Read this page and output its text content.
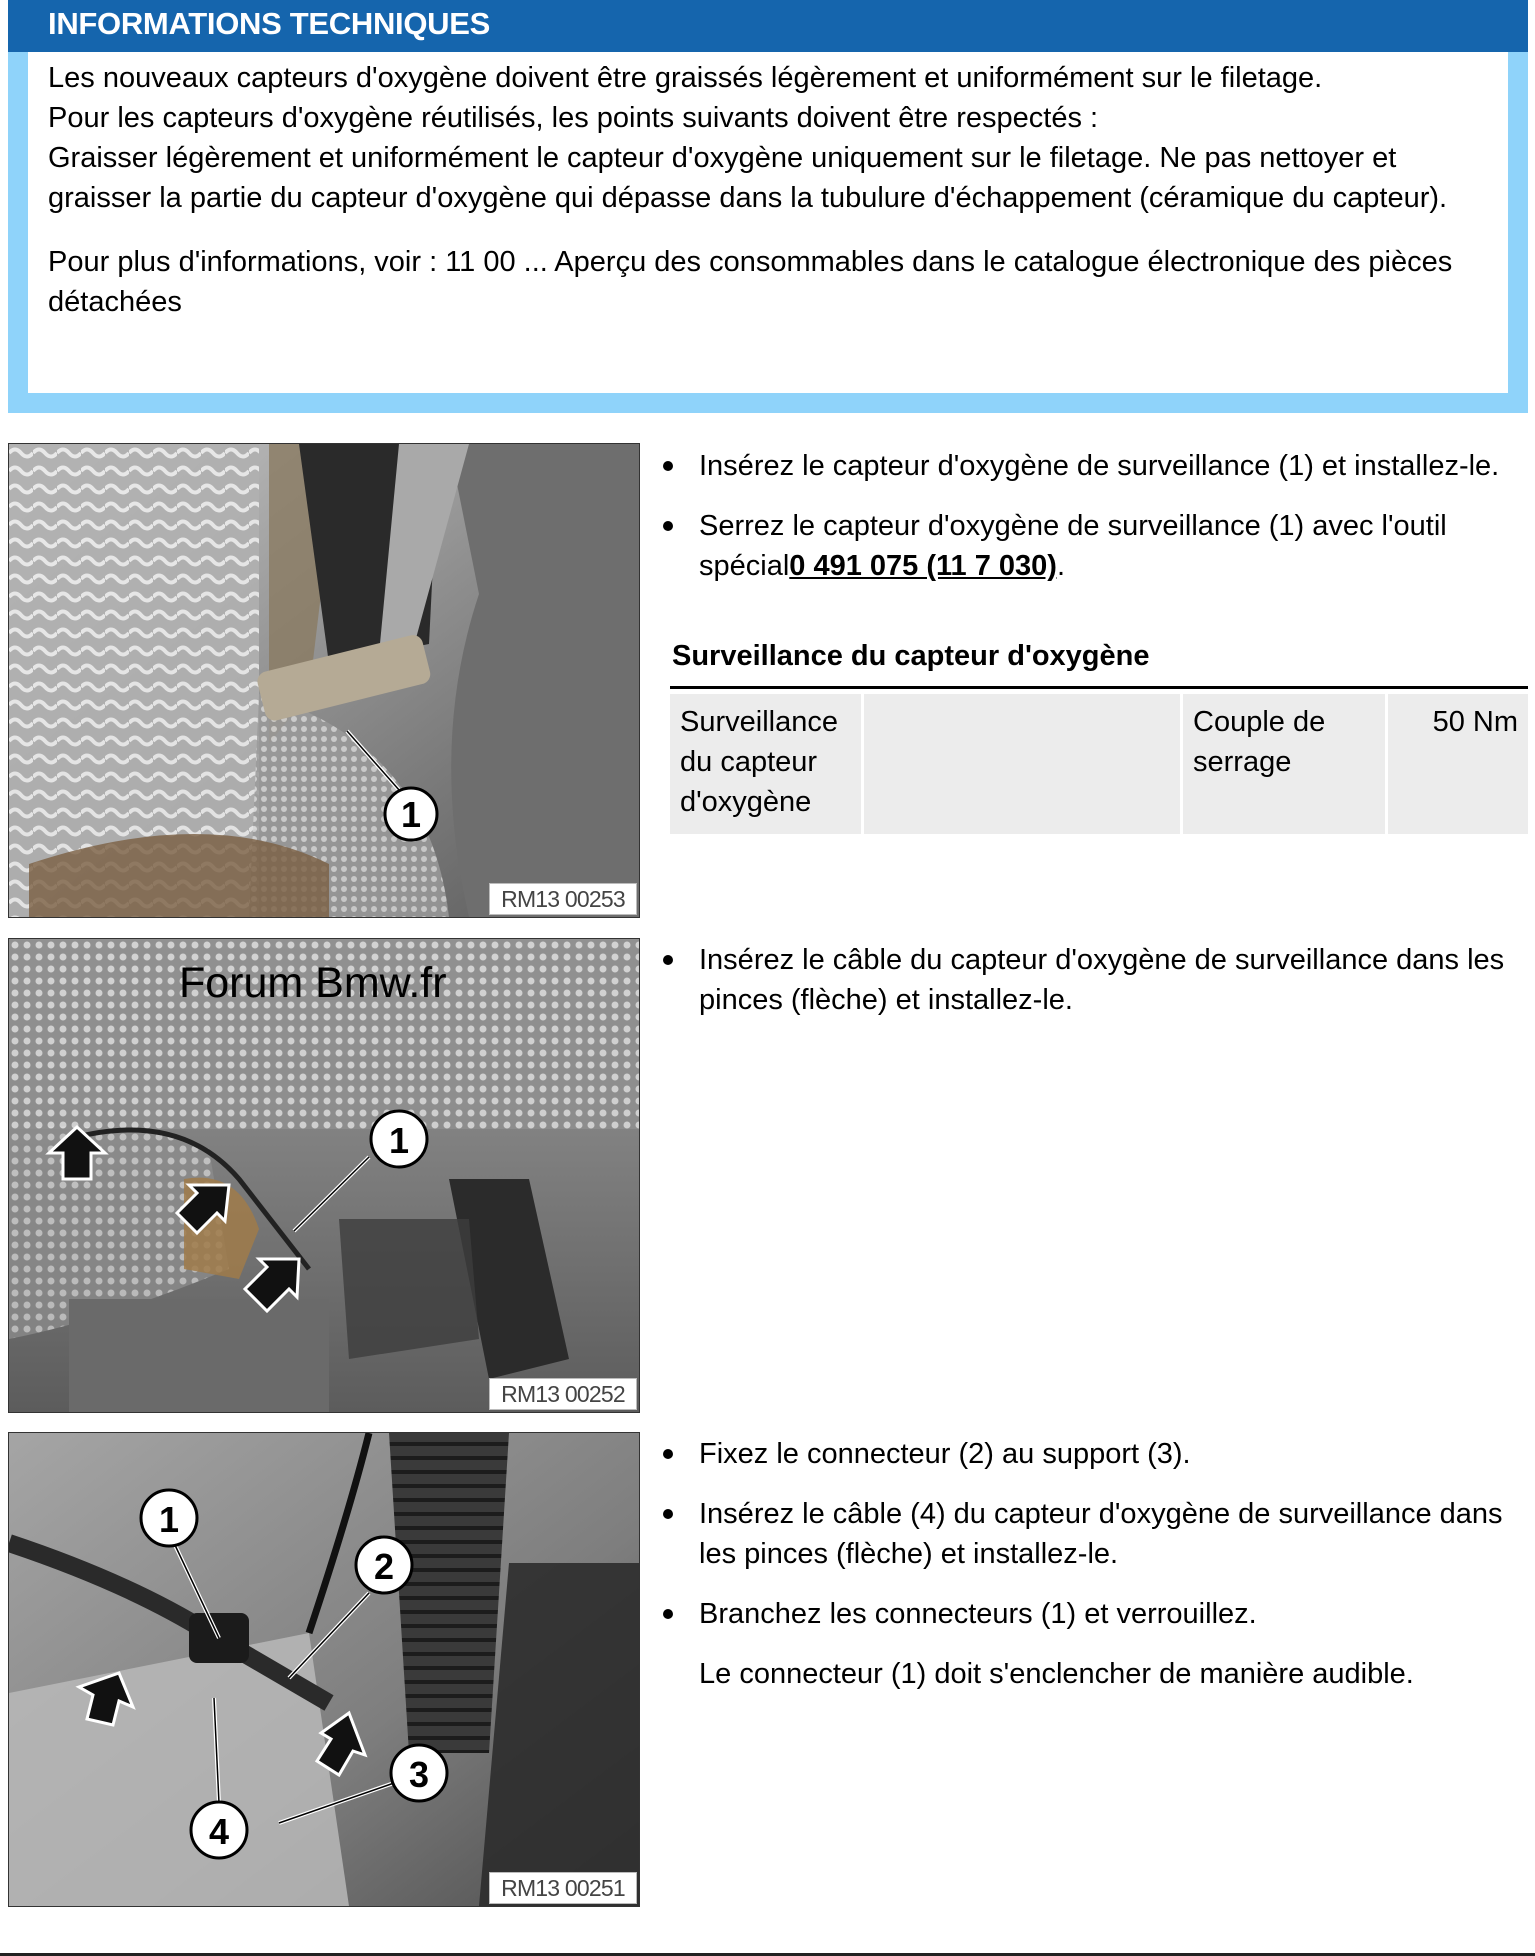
INFORMATIONS TECHNIQUES

Les nouveaux capteurs d'oxygène doivent être graissés légèrement et uniformément sur le filetage.

Pour les capteurs d'oxygène réutilisés, les points suivants doivent être respectés :

Graisser légèrement et uniformément le capteur d'oxygène uniquement sur le filetage. Ne pas nettoyer et graisser la partie du capteur d'oxygène qui dépasse dans la tubulure d'échappement (céramique du capteur).

Pour plus d'informations, voir : 11 00 ... Aperçu des consommables dans le catalogue électronique des pièces détachées

1
RM13 00253
Insérez le capteur d'oxygène de surveillance (1) et installez-le.
Serrez le capteur d'oxygène de surveillance (1) avec l'outil spécial0 491 075 (11 7 030).
Surveillance du capteur d'oxygène
Surveillance du capteur d'oxygène
Couple de serrage
50 Nm
1
Forum Bmw.fr
RM13 00252
Insérez le câble du capteur d'oxygène de surveillance dans les pinces (flèche) et installez-le.
1
2
3
4
RM13 00251
Fixez le connecteur (2) au support (3).
Insérez le câble (4) du capteur d'oxygène de surveillance dans les pinces (flèche) et installez-le.
Branchez les connecteurs (1) et verrouillez.
Le connecteur (1) doit s'enclencher de manière audible.
